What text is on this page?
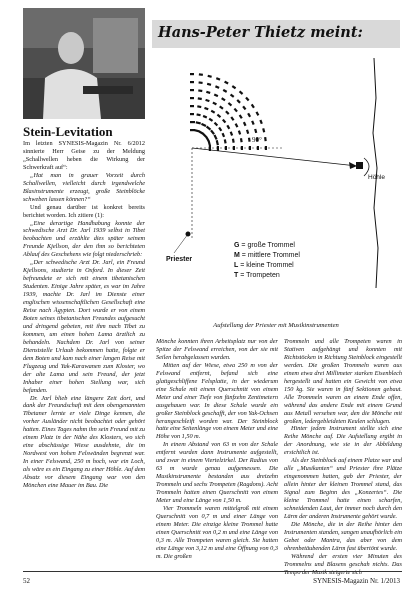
Hans-Peter Thietz meint:
90°
Höhle
Priester
G = große Trommel
M = mittlere Trommel
L = kleine Trommel
T = Trompeten
Aufstellung der Priester mit Musikinstrumenten
Stein-Levitation

Im letzten SYNESIS-Magazin Nr. 6/2012 sinnierte Herr Geise zu der Meldung „Schallwellen heben die Wirkung der Schwerkraft auf“:

„Hat man in grauer Vorzeit durch Schallwellen, vielleicht durch irgendwelche Blasinstrumente erzeugt, große Steinblöcke schweben lassen können?“

Und genau darüber ist konkret bereits berichtet worden. Ich zitiere (1):

„Eine derartige Handhabung konnte der schwedische Arzt Dr. Jarl 1939 selbst in Tibet beobachten und erzählte dies später seinem Freunde Kjellson, der den ihm so berichteten Ablauf des Geschehens wie folgt niederschrieb:

„Der schwedische Arzt Dr. Jarl, ein Freund Kjellsons, studierte in Oxford. In dieser Zeit befreundete er sich mit einem tibetanischen Studenten. Einige Jahre später, es war im Jahre 1939, machte Dr. Jarl im Dienste einer englischen wissenschaftlichen Gesellschaft eine Reise nach Ägypten. Dort wurde er von einem Boten seines tibetanischen Freundes aufgesucht und dringend gebeten, mit ihm nach Tibet zu kommen, um einen hohen Lama ärztlich zu behandeln. Nachdem Dr. Jarl von seiner Dienststelle Urlaub bekommen hatte, folgte er dem Boten und kam nach einer langen Reise mit Flugzeug und Yak-Karawanen zum Kloster, wo der alte Lama und sein Freund, der jetzt Inhaber einer hohen Stellung war, sich befanden.

Dr. Jarl blieb eine längere Zeit dort, und dank der Freundschaft mit dem obengenannten Tibetaner lernte er viele Dinge kennen, die vorher Ausländer nicht beobachtet oder gehört hatten. Eines Tages nahm ihn sein Freund mit zu einem Platz in der Nähe des Klosters, wo sich eine abschüssige Wiese ausdehnte, die im Nordwest von hohen Felswänden begrenzt war. In einer Felswand, 250 m hoch, war ein Loch, als wäre es ein Eingang zu einer Höhle. Auf dem Absatz vor diesem Eingang war von den Mönchen eine Mauer im Bau. Die

Mönche konnten ihren Arbeitsplatz nur von der Spitze der Felswand erreichen, von der sie mit Seilen herabgelassen wurden.

Mitten auf der Wiese, etwa 250 m von der Felswand entfernt, befand sich eine glattgeschliffene Felsplatte, in der wiederum eine Schale mit einem Querschnitt von einem Meter und einer Tiefe von fünfzehn Zentimetern ausgehauen war. In diese Schale wurde ein großer Steinblock geschafft, der von Yak-Ochsen herangeschleift worden war. Der Steinblock hatte eine Seitenlänge von einem Meter und eine Höhe von 1,50 m.

In einem Abstand von 63 m von der Schale entfernt wurden dann Instrumente aufgestellt, und zwar in einem Viertelzirkel. Der Radius von 63 m wurde genau aufgemessen. Die Musikinstrumente bestanden aus dreizehn Trommeln und sechs Trompeten (Ragdons). Acht Trommeln hatten einen Querschnitt von einem Meter und eine Länge von 1,50 m.

Vier Trommeln waren mittelgroß mit einem Querschnitt von 0,7 m und einer Länge von einem Meter. Die einzige kleine Trommel hatte einen Querschnitt von 0,2 m und eine Länge von 0,3 m. Alle Trompeten waren gleich. Sie hatten eine Länge von 3,12 m und eine Öffnung von 0,3 m. Die großen

Trommeln und alle Trompeten waren in Stativen aufgehängt und konnten mit Richtstöcken in Richtung Steinblock eingestellt werden. Die großen Trommeln waren aus einem etwa drei Millimeter starken Eisenblech hergestellt und hatten ein Gewicht von etwa 150 kg. Sie waren in fünf Sektionen gebaut. Alle Trommeln waren an einem Ende offen, während das andere Ende mit einem Grund aus Metall versehen war, den die Mönche mit großen, ledergebleideten Keulen schlugen.

Hinter jedem Instrument stellte sich eine Reihe Mönche auf. Die Aufstellung ergibt in der Anordnung, wie sie in der Abbildung ersichtlich ist.

Als der Steinblock auf einem Platze war und alle „Musikanten“ und Priester ihre Plätze eingenommen hatten, gab der Priester, der allein hinter der kleinen Trommel stand, das Signal zum Beginn des „Konzertes“. Die kleine Trommel hatte einen scharfen, schneidenden Laut, der immer noch durch den Lärm der anderen Instrumente gehört wurde.

Die Mönche, die in der Reihe hinter den Instrumenten standen, sangen unaufhörlich ein Gebet oder Mantra, das aber von dem ohrenbetäubenden Lärm fast übertönt wurde.

Während der ersten vier Minuten des Trommelns und Blasens geschah nichts. Das Tempo der Musik steigerte sich

52	SYNESIS-Magazin Nr. 1/2013
